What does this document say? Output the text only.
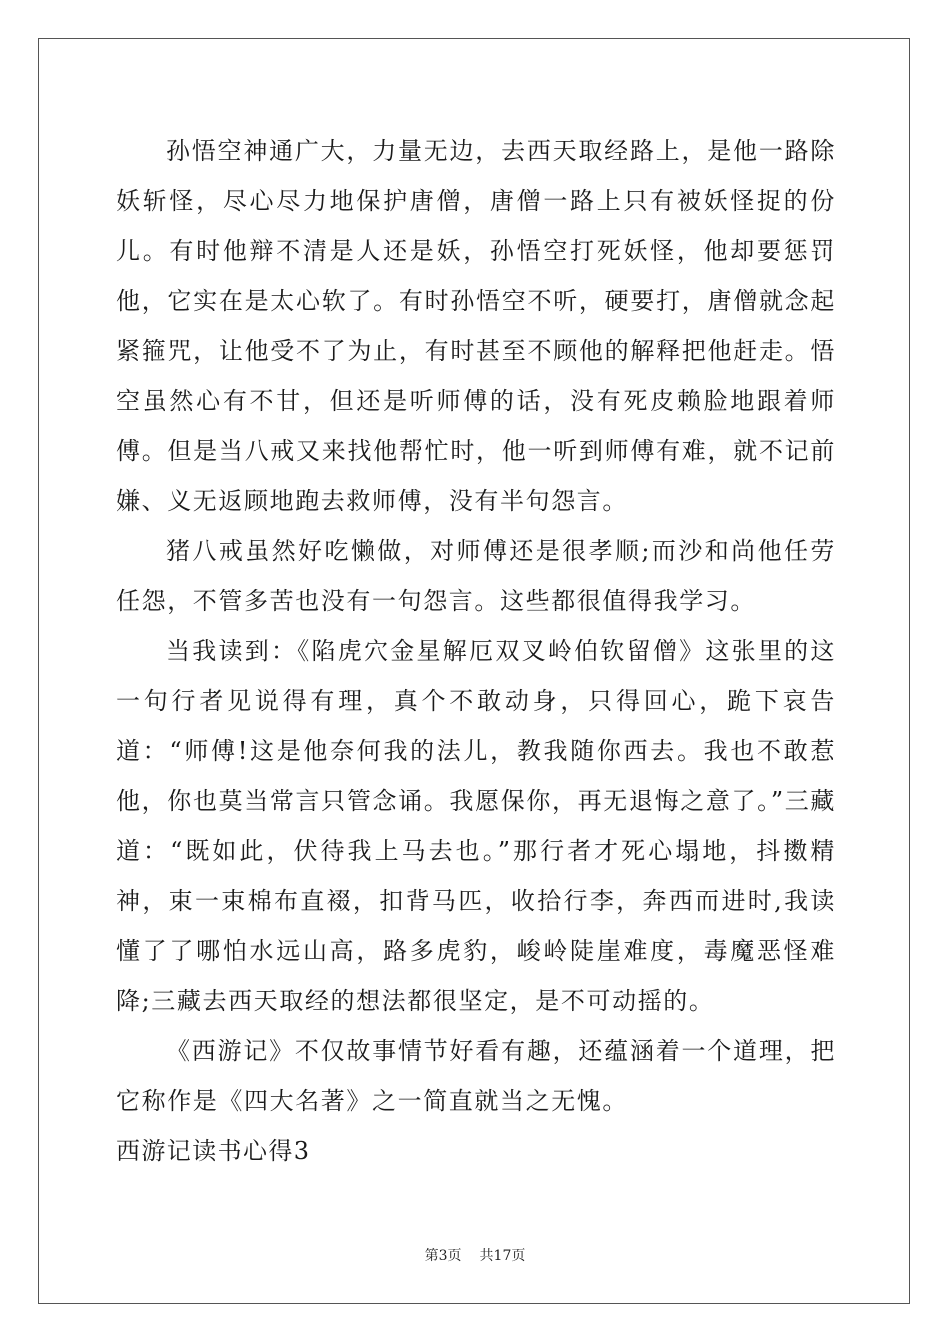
孙悟空神通广大，力量无边，去西天取经路上，是他一路除妖斩怪，尽心尽力地保护唐僧，唐僧一路上只有被妖怪捉的份儿。有时他辩不清是人还是妖，孙悟空打死妖怪，他却要惩罚他，它实在是太心软了。有时孙悟空不听，硬要打，唐僧就念起紧箍咒，让他受不了为止，有时甚至不顾他的解释把他赶走。悟空虽然心有不甘，但还是听师傅的话，没有死皮赖脸地跟着师傅。但是当八戒又来找他帮忙时，他一听到师傅有难，就不记前嫌、义无返顾地跑去救师傅，没有半句怨言。

猪八戒虽然好吃懒做，对师傅还是很孝顺;而沙和尚他任劳任怨，不管多苦也没有一句怨言。这些都很值得我学习。

当我读到：《陷虎穴金星解厄双叉岭伯钦留僧》这张里的这一句行者见说得有理，真个不敢动身，只得回心，跪下哀告道：“师傅!这是他奈何我的法儿，教我随你西去。我也不敢惹他，你也莫当常言只管念诵。我愿保你，再无退悔之意了。”三藏道：“既如此，伏待我上马去也。”那行者才死心塌地，抖擞精神，束一束棉布直裰，扣背马匹，收拾行李，奔西而进时,我读懂了了哪怕水远山高，路多虎豹，峻岭陡崖难度，毒魔恶怪难降;三藏去西天取经的想法都很坚定，是不可动摇的。

《西游记》不仅故事情节好看有趣，还蕴涵着一个道理，把它称作是《四大名著》之一简直就当之无愧。

西游记读书心得3

第3页 共17页
